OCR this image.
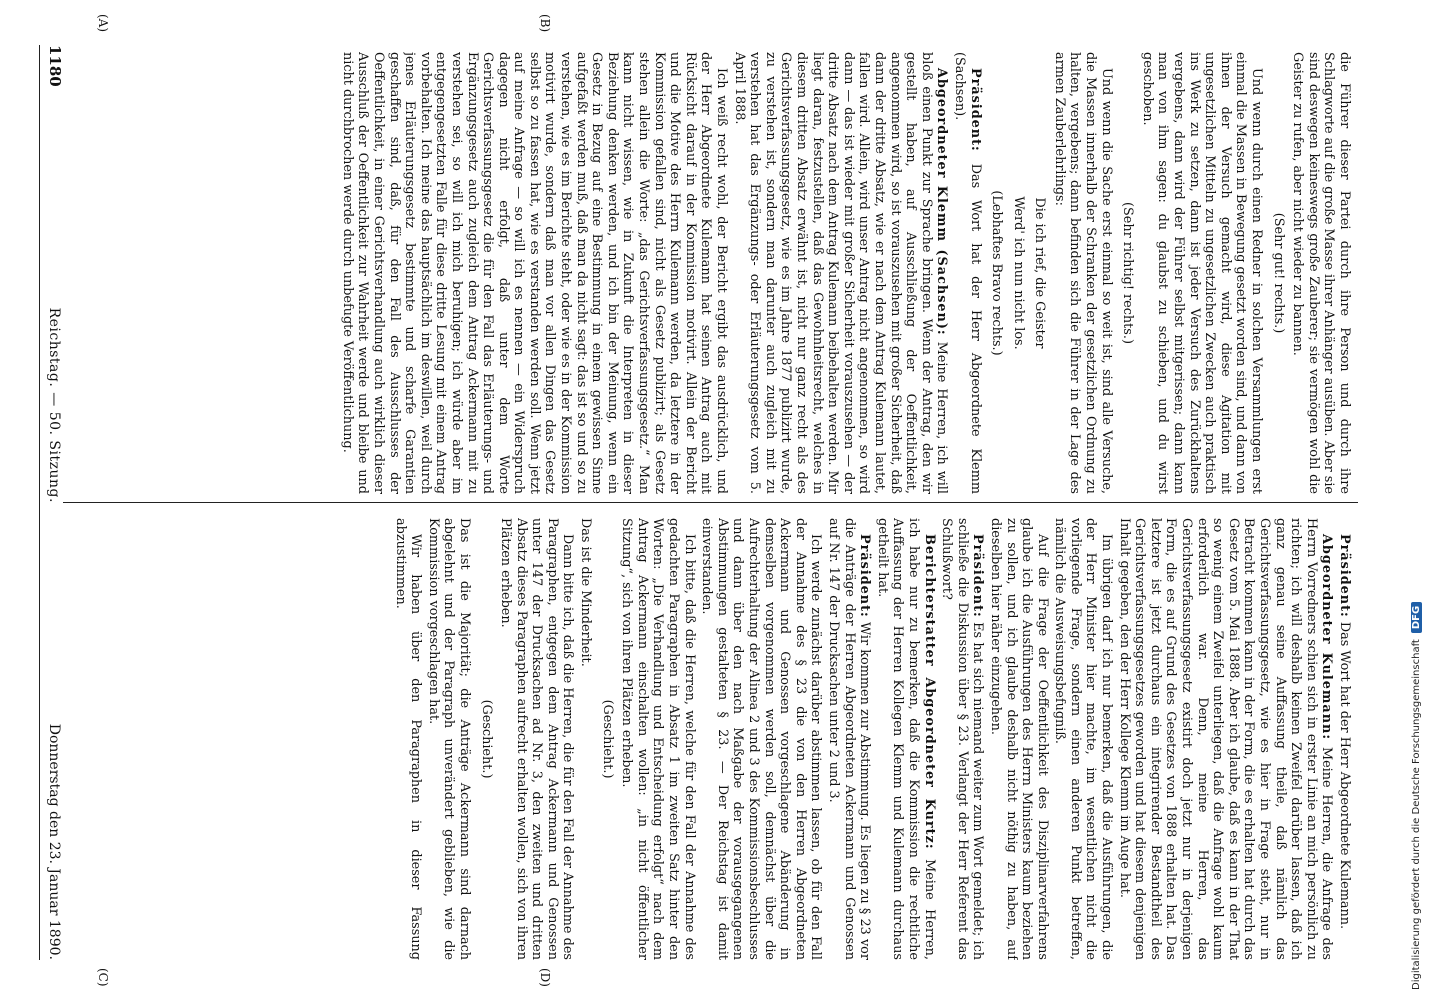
1180
Reichstag. — 50. Sitzung.
Donnerstag den 23. Januar 1890.
(A)	(B)
(C)	(D)

die Führer dieser Partei durch ihre Person und durch ihre Schlagworte auf die große Masse ihrer Anhänger ausüben. Aber sie sind deswegen keineswegs große Zauberer; sie vermögen wohl die Geister zu rufen, aber nicht wieder zu bannen.

(Sehr gut! rechts.)

Und wenn durch einen Redner in solchen Versammlungen erst einmal die Massen in Bewegung gesetzt worden sind, und dann von ihnen der Versuch gemacht wird, diese Agitation mit ungesetzlichen Mitteln zu ungesetzlichen Zwecken auch praktisch ins Werk zu setzen, dann ist jeder Versuch des Zurückhaltens vergebens, dann wird der Führer selbst mitgerissen; dann kann man von ihm sagen: du glaubst zu schieben, und du wirst geschoben.

(Sehr richtig! rechts.)

Und wenn die Sache erst einmal so weit ist, sind alle Versuche, die Massen innerhalb der Schranken der gesetzlichen Ordnung zu halten, vergebens; dann befinden sich die Führer in der Lage des armen Zauberlehrlings:

Die ich rief, die Geister

Werd' ich nun nicht los.

(Lebhaftes Bravo rechts.)

Präsident: Das Wort hat der Herr Abgeordnete Klemm (Sachsen).

Abgeordneter Klemm (Sachsen): Meine Herren, ich will bloß einen Punkt zur Sprache bringen. Wenn der Antrag, den wir gestellt haben, auf Ausschließung der Oeffentlichkeit, angenommen wird, so ist vorauszusehen mit großer Sicherheit, daß dann der dritte Absatz, wie er nach dem Antrag Kulemann lautet, fallen wird. Allein, wird unser Antrag nicht angenommen, so wird dann — das ist wieder mit großer Sicherheit vorauszusehen — der dritte Absatz nach dem Antrag Kulemann beibehalten werden. Mir liegt daran, festzustellen, daß das Gewohnheitsrecht, welches in diesem dritten Absatz erwähnt ist, nicht nur ganz recht als des Gerichtsverfassungsgesetz, wie es im Jahre 1877 publizirt wurde, zu verstehen ist, sondern man darunter auch zugleich mit zu verstehen hat das Ergänzungs- oder Erläuterungsgesetz vom 5. April 1888.

Ich weiß recht wohl, der Bericht ergibt das ausdrücklich, und der Herr Abgeordnete Kulemann hat seinen Antrag auch mit Rücksicht darauf in der Kommission motivirt. Allein der Bericht und die Motive des Herrn Kulemann werden, da letztere in der Kommission gefallen sind, nicht als Gesetz publizirt; als Gesetz stehen allein die Worte: „das Gerichtsverfassungsgesetz.“ Man kann nicht wissen, wie in Zukunft die Interpreten in dieser Beziehung denken werden, und ich bin der Meinung, wenn ein Gesetz in Bezug auf eine Bestimmung in einem gewissen Sinne aufgefaßt werden muß, daß man da nicht sagt: das ist so und so zu verstehen, wie es im Berichte steht, oder wie es in der Kommission motivirt wurde, sondern daß man vor allen Dingen das Gesetz selbst so zu fassen hat, wie es verstanden werden soll. Wenn jetzt auf meine Anfrage — so will ich es nennen — ein Widerspruch dagegen nicht erfolgt, daß unter dem Worte Gerichtsverfassungsgesetz die für den Fall das Erläuterungs- und Ergänzungsgesetz auch zugleich dem Antrag Ackermann mit zu verstehen sei, so will ich mich beruhigen; ich würde aber im entgegengesetzten Falle für diese dritte Lesung mit einem Antrag vorbehalten. Ich meine das hauptsächlich im deswillen, weil durch jenes Erläuterungsgesetz bestimmte und scharfe Garantien geschaffen sind, daß, für den Fall des Ausschlusses der Oeffentlichkeit, in einer Gerichtsverhandlung auch wirklich dieser Ausschluß der Oeffentlichkeit zur Wahrheit werde und bleibe und nicht durchbrochen werde durch unbefugte Veröffentlichung.

Präsident: Das Wort hat der Herr Abgeordnete Kulemann.

Abgeordneter Kulemann: Meine Herren, die Anfrage des Herrn Vorredners schien sich in erster Linie an mich persönlich zu richten; ich will deshalb keinen Zweifel darüber lassen, daß ich ganz genau seine Auffassung theile, daß nämlich das Gerichtsverfassungsgesetz, wie es hier in Frage steht, nur in Betracht kommen kann in der Form, die es erhalten hat durch das Gesetz vom 5. Mai 1888. Aber ich glaube, daß es kann in der That so wenig einem Zweifel unterliegen, daß die Anfrage wohl kaum erforderlich war. Denn, meine Herren, das Gerichtsverfassungsgesetz existirt doch jetzt nur in derjenigen Form, die es auf Grund des Gesetzes von 1888 erhalten hat. Das letztere ist jetzt durchaus ein integrirender Bestandtheil des Gerichtsverfassungsgesetzes geworden und hat diesem denjenigen Inhalt gegeben, den der Herr Kollege Klemm im Auge hat.

Im übrigen darf ich nur bemerken, daß die Ausführungen, die der Herr Minister hier machte, im wesentlichen nicht die vorliegende Frage, sondern einen anderen Punkt betreffen, nämlich die Ausweisungsbefugniß.

Auf die Frage der Oeffentlichkeit des Disziplinarverfahrens glaube ich die Ausführungen des Herrn Ministers kaum beziehen zu sollen, und ich glaube deshalb nicht nöthig zu haben, auf dieselben hier näher einzugehen.

Präsident: Es hat sich niemand weiter zum Wort gemeldet; ich schließe die Diskussion über § 23. Verlangt der Herr Referent das Schlußwort?

Berichterstatter Abgeordneter Kurtz: Meine Herren, ich habe nur zu bemerken, daß die Kommission die rechtliche Auffassung der Herren Kollegen Klemm und Kulemann durchaus getheilt hat.

Präsident: Wir kommen zur Abstimmung. Es liegen zu § 23 vor die Anträge der Herren Abgeordneten Ackermann und Genossen auf Nr. 147 der Drucksachen unter 2 und 3.

Ich werde zunächst darüber abstimmen lassen, ob für den Fall der Annahme des § 23 die von den Herren Abgeordneten Ackermann und Genossen vorgeschlagene Abänderung in demselben vorgenommen werden soll, demnächst über die Aufrechterhaltung der Alinea 2 und 3 des Kommissionsbeschlusses und dann über den nach Maßgabe der vorausgegangenen Abstimmungen gestalteten § 23. — Der Reichstag ist damit einverstanden.

Ich bitte, daß die Herren, welche für den Fall der Annahme des gedachten Paragraphen in Absatz 1 im zweiten Satz hinter den Worten: „Die Verhandlung und Entscheidung erfolgt“ nach dem Antrag Ackermann einschalten wollen: „in nicht öffentlicher Sitzung“, sich von ihren Plätzen erheben.

(Geschieht.)

Das ist die Minderheit.

Dann bitte ich, daß die Herren, die für den Fall der Annahme des Paragraphen, entgegen dem Antrag Ackermann und Genossen unter 147 der Drucksachen ad Nr. 3, den zweiten und dritten Absatz dieses Paragraphen aufrecht erhalten wollen, sich von ihren Plätzen erheben.

(Geschieht.)

Das ist die Majorität; die Anträge Ackermann sind darnach abgelehnt und der Paragraph unverändert geblieben, wie die Kommission vorgeschlagen hat.

Wir haben über den Paragraphen in dieser Fassung abzustimmen.

Digitalisierung gefördert durch die Deutsche Forschungsgemeinschaft
DFG
